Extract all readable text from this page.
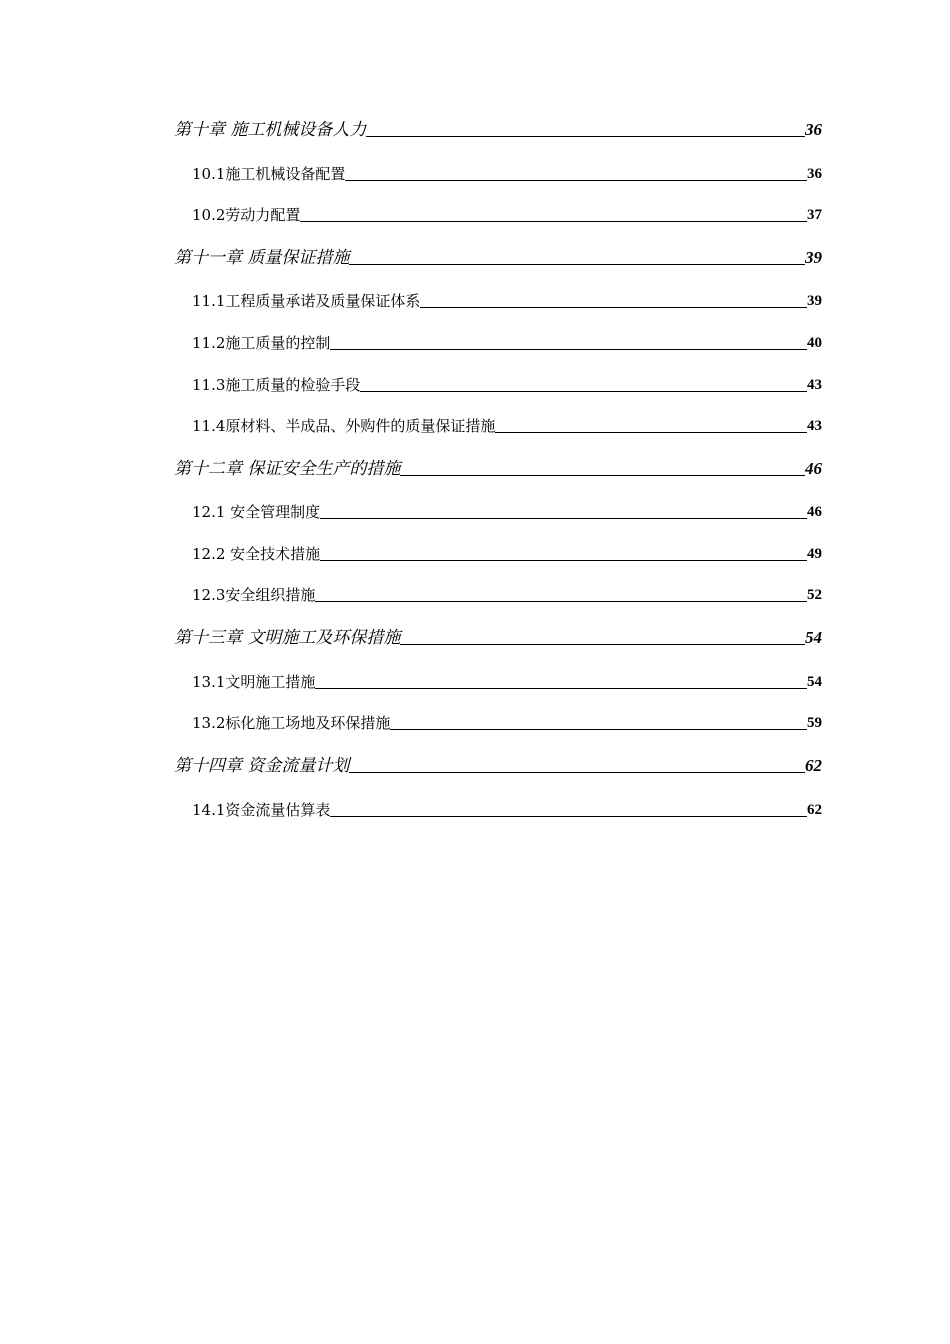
第十章 施工机械设备人力	36
10.1施工机械设备配置	36
10.2劳动力配置	37
第十一章 质量保证措施	39
11.1工程质量承诺及质量保证体系	39
11.2施工质量的控制	40
11.3施工质量的检验手段	43
11.4原材料、半成品、外购件的质量保证措施	43
第十二章 保证安全生产的措施	46
12.1 安全管理制度	46
12.2 安全技术措施	49
12.3安全组织措施	52
第十三章 文明施工及环保措施	54
13.1文明施工措施	54
13.2标化施工场地及环保措施	59
第十四章 资金流量计划	62
14.1资金流量估算表	62
